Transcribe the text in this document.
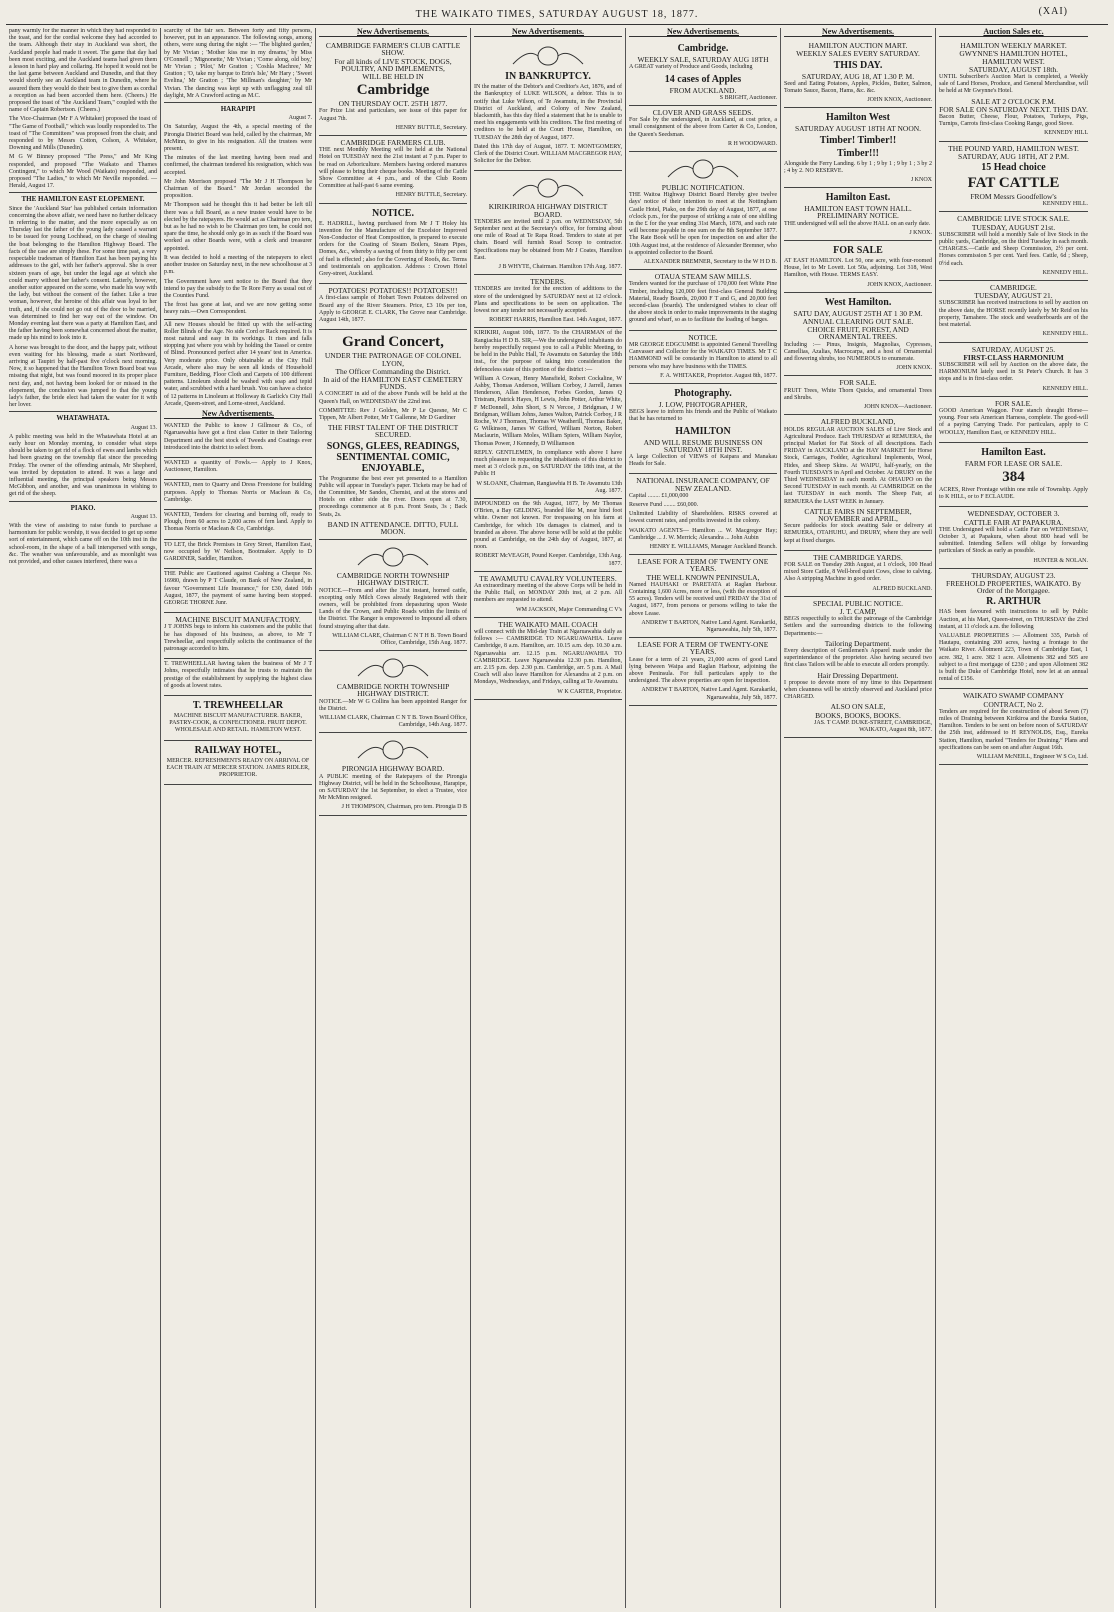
THE WAIKATO TIMES, SATURDAY AUGUST 18, 1877.	(XAI)

pany warmly for the manner in which they had responded to the toast, and for the cordial welcome they had accorded to the team. Although their stay in Auckland was short, the Auckland people had made it sweet. The game that day had been most exciting, and the Auckland teams had given them a lesson in hard play and collaring. He hoped it would not be the last game between Auckland and Dunedin, and that they would shortly see an Auckland team in Dunedin, where he assured them they would do their best to give them as cordial a reception as had been accorded them here. (Cheers.) He proposed the toast of "the Auckland Team," coupled with the name of Captain Robertson. (Cheers.)

The Vice-Chairman (Mr F A Whitaker) proposed the toast of "The Game of Football," which was loudly responded to. The toast of "The Committees" was proposed from the chair, and responded to by Messrs Cotton, Colson, A Whitaker, Downing and Mills (Dunedin).

M G W Binney proposed "The Press," and Mr King responded, and proposed "The Waikato and Thames Contingent," to which Mr Wood (Waikato) responded, and proposed "The Ladies," to which Mr Neville responded. — Herald, August 17.

THE HAMILTON EAST ELOPEMENT.

Since the 'Auckland Star' has published certain information concerning the above affair, we need have no further delicacy in referring to the matter, and the more especially as on Thursday last the father of the young lady caused a warrant to be issued for young Lochhead, on the charge of stealing the boat belonging to the Hamilton Highway Board. The facts of the case are simply these. For some time past, a very respectable tradesman of Hamilton East has been paying his addresses to the girl, with her father's approval. She is over sixteen years of age, but under the legal age at which she could marry without her father's consent. Latterly, however, another suitor appeared on the scene, who made his way with the lady, but without the consent of the father. Like a true woman, however, the heroine of this affair was loyal to her truth, and, if she could not go out of the door to be married, was determined to find her way out of the window. On Monday evening last there was a party at Hamilton East, and the father having been somewhat concerned about the matter, made up his mind to look into it.

A horse was brought to the door, and the happy pair, without even waiting for his blessing, made a start Northward, arriving at Taupiri by half-past five o'clock next morning. Now, it so happened that the Hamilton Town Board boat was missing that night, but was found moored in its proper place next day, and, not having been looked for or missed in the elopement, the conclusion was jumped to that the young lady's father, the bride elect had taken the water for it with her lover.

WHATAWHATA.

August 13.

A public meeting was held in the Whatawhata Hotel at an early hour on Monday morning, to consider what steps should be taken to get rid of a flock of ewes and lambs which had been grazing on the township flat since the preceding Friday. The owner of the offending animals, Mr Shepherd, was invited by deputation to attend. It was a large and influential meeting, the principal speakers being Messrs McGibbon, and another, and was unanimous in wishing to get rid of the sheep.

PIAKO.

August 13.

With the view of assisting to raise funds to purchase a harmonium for public worship, it was decided to get up some sort of entertainment, which came off on the 10th inst in the school-room, in the shape of a ball interspersed with songs, &c. The weather was unfavourable, and as moonlight was not provided, and other causes interfered, there was a

scarcity of the fair sex. Between forty and fifty persons, however, put in an appearance. The following songs, among others, were sung during the night :— 'The blighted garden,' by Mr Vivian ; 'Mother kiss me in my dreams,' by Miss O'Connell ; 'Mignonette,' Mr Vivian ; 'Come along, old boy,' Mr Vivian ; 'Pilot,' Mr Gratton ; 'Coshla Machree,' Mr Gratton ; 'O, take my barque to Erin's Isle,' Mr Hary ; 'Sweet Evelina,' Mr Gratton ; 'The Millman's daughter,' by Mr Vivian. The dancing was kept up with unflagging zeal till daylight, Mr A Crawford acting as M.C.

HARAPIPI

August 7.

On Saturday, August the 4th, a special meeting of the Pirongia District Board was held, called by the chairman, Mr McMinn, to give in his resignation. All the trustees were present.

The minutes of the last meeting having been read and confirmed, the chairman tendered his resignation, which was accepted.

Mr John Morrison proposed "The Mr J H Thompson be Chairman of the Board." Mr Jordan seconded the proposition.

Mr Thompson said he thought this it had better be left till there was a full Board, as a new trustee would have to be elected by the ratepayers. He would act as Chairman pro tem, but as he had no wish to be Chairman pro tem, he could not spare the time, he should only go in as such if the Board was worked as other Boards were, with a clerk and treasurer appointed.

It was decided to hold a meeting of the ratepayers to elect another trustee on Saturday next, in the new schoolhouse at 3 p.m.

The Government have sent notice to the Board that they intend to pay the subsidy to the Te Rore Ferry as usual out of the Counties Fund.

The frost has gone at last, and we are now getting some heavy rain.—Own Correspondent.

All new Houses should be fitted up with the self-acting Roller Blinds of the Age. No side Cord or Rack required. It is most natural and easy in its workings. It rises and falls stopping just where you wish by holding the Tassel or centre of Blind. Pronounced perfect after 14 years' test in America. Very moderate price. Only obtainable at the City Hall Arcade, where also may be seen all kinds of Household Furniture, Bedding, Floor Cloth and Carpets of 100 different patterns. Linoleum should be washed with soap and tepid water, and scrubbed with a hard brush. You can have a choice of 12 patterns in Linoleum at Holloway & Garlick's City Hall Arcade, Queen-street, and Lorne-street, Auckland.

New Advertisements.

WANTED the Public to know J Gillmour & Co., of Ngaruawahia have got a first class Cutter in their Tailoring Department and the best stock of Tweeds and Coatings ever introduced into the district to select from.

WANTED a quantity of Fowls.— Apply to J Knox, Auctioneer, Hamilton.

WANTED, men to Quarry and Dress Freestone for building purposes. Apply to Thomas Norris or Maclean & Co, Cambridge.

WANTED, Tenders for clearing and burning off, ready to Plough, from 60 acres to 2,000 acres of fern land. Apply to Thomas Norris or Maclean & Co, Cambridge.

TO LET, the Brick Premises in Grey Street, Hamilton East, now occupied by W Neilson, Bootmaker. Apply to D GARDINER, Saddler, Hamilton.

THE Public are Cautioned against Cashing a Cheque No. 16980, drawn by P T Claude, on Bank of New Zealand, in favour "Government Life Insurance," for £30, dated 16th August, 1877, the payment of same having been stopped. GEORGE THORNE Junr.

MACHINE BISCUIT MANUFACTORY.

J T JOHNS begs to inform his customers and the public that he has disposed of his business, as above, to Mr T Trewheellar, and respectfully solicits the continuance of the patronage accorded to him.

T. TREWHEELLAR having taken the business of Mr J T Johns, respectfully intimates that he trusts to maintain the prestige of the establishment by supplying the highest class of goods at lowest rates.

T. TREWHEELLAR

MACHINE BISCUIT MANUFACTURER. BAKER, PASTRY-COOK, & CONFECTIONER. FRUIT DEPOT. WHOLESALE AND RETAIL. HAMILTON WEST.

RAILWAY HOTEL,

MERCER. REFRESHMENTS READY ON ARRIVAL OF EACH TRAIN AT MERCER STATION. JAMES RIDLER, PROPRIETOR.

New Advertisements.
CAMBRIDGE FARMER'S CLUB CATTLE SHOW.
For all kinds of LIVE STOCK, DOGS, POULTRY, AND IMPLEMENTS,
WILL BE HELD IN
Cambridge
ON THURSDAY OCT. 25TH 1877.

For Prize List and particulars, see issue of this paper for August 7th.

HENRY BUTTLE, Secretary.
CAMBRIDGE FARMERS CLUB.

THE next Monthly Meeting will be held at the National Hotel on TUESDAY next the 21st instant at 7 p.m. Paper to be read on Arboriculture. Members having ordered manures will please to bring their cheque books. Meeting of the Cattle Show Committee at 4 p.m., and of the Club Room Committee at half-past 6 same evening.

HENRY BUTTLE, Secretary.
NOTICE.

E. HADRILL, having purchased from Mr J T Holey his invention for the Manufacture of the Excelsior Improved Non-Conductor of Heat Composition, is prepared to execute orders for the Coating of Steam Boilers, Steam Pipes, Domes, &c., whereby a saving of from thirty to fifty per cent of fuel is effected ; also for the Covering of Roofs, &c. Terms and testimonials on application. Address : Crown Hotel Grey-street, Auckland.

POTATOES! POTATOES!! POTATOES!!!

A first-class sample of Hobart Town Potatoes delivered on Board any of the River Steamers. Price, £3 10s per ton, Apply to GEORGE E. CLARK, The Grove near Cambridge. August 14th, 1877.

Grand Concert,
UNDER THE PATRONAGE OF COLONEL LYON,
The Officer Commanding the District.
In aid of the HAMILTON EAST CEMETERY FUNDS.

A CONCERT in aid of the above Funds will be held at the Queen's Hall, on WEDNESDAY the 22nd inst.

COMMITTEE: Rev J Golden, Mr P Le Quesne, Mr C Tippen, Mr Albert Potter, Mr T Gallenne, Mr D Gardiner

THE FIRST TALENT OF THE DISTRICT SECURED.
SONGS, GLEES, READINGS, SENTIMENTAL COMIC, ENJOYABLE,

The Programme the best ever yet presented to a Hamilton Public will appear in Tuesday's paper. Tickets may be had of the Committee, Mr Sandes, Chemist, and at the stores and Hotels on either side the river. Doors open at 7.30, proceedings commence at 8 p.m. Front Seats, 3s ; Back Seats, 2s.

BAND IN ATTENDANCE. DITTO, FULL MOON.
CAMBRIDGE NORTH TOWNSHIP HIGHWAY DISTRICT.

NOTICE.—From and after the 31st instant, horned cattle, excepting only Milch Cows already Registered with their owners, will be prohibited from depasturing upon Waste Lands of the Crown, and Public Roads within the limits of the District. The Ranger is empowered to Impound all others found straying after that date.

WILLIAM CLARE, Chairman C N T H B. Town Board Office, Cambridge, 15th Aug. 1877.
CAMBRIDGE NORTH TOWNSHIP HIGHWAY DISTRICT.

NOTICE.—Mr W G Collins has been appointed Ranger for the District.

WILLIAM CLARK, Chairman C N T B. Town Board Office, Cambridge, 14th Aug. 1877.
PIRONGIA HIGHWAY BOARD.

A PUBLIC meeting of the Ratepayers of the Pirongia Highway District, will be held in the Schoolhouse, Harapipe, on SATURDAY the 1st September, to elect a Trustee, vice Mr McMinn resigned.

J H THOMPSON, Chairman, pro tem. Pirongia D B
New Advertisements.
IN BANKRUPTCY.

IN the matter of the Debtor's and Creditor's Act, 1876, and of the Bankruptcy of LUKE WILSON, a debtor. This is to notify that Luke Wilson, of Te Awamutu, in the Provincial District of Auckland, and Colony of New Zealand, blacksmith, has this day filed a statement that he is unable to meet his engagements with his creditors. The first meeting of creditors to be held at the Court House, Hamilton, on TUESDAY the 28th day of August, 1877.

Dated this 17th day of August, 1877. T. MONTGOMERY, Clerk of the District Court. WILLIAM MACGREGOR HAY, Solicitor for the Debtor.

KIRIKIRIROA HIGHWAY DISTRICT BOARD.

TENDERS are invited until 2 p.m. on WEDNESDAY, 5th September next at the Secretary's office, for forming about one mile of Road at Te Rapa Road. Tenders to state at per chain. Board will furnish Road Scoop to contractor. Specifications may be obtained from Mr J Coates, Hamilton East.

J B WHYTE, Chairman. Hamilton 17th Aug. 1877.
TENDERS.

TENDERS are invited for the erection of additions to the store of the undersigned by SATURDAY next at 12 o'clock. Plans and specifications to be seen on application. The lowest nor any tender not necessarily accepted.

ROBERT HARRIS, Hamilton East. 14th August, 1877.

KIRIKIRI, August 10th, 1877. To the CHAIRMAN of the Rangiachia H D B. SIR,—We the undersigned inhabitants do hereby respectfully request you to call a Public Meeting, to be held in the Public Hall, Te Awamutu on Saturday the 18th inst., for the purpose of taking into consideration the defenceless state of this portion of the district :—

William A Cowan, Henry Mansfield, Robert Cockaline, W Ashby, Thomas Anderson, William Corboy, J Jarrell, James Henderson, Allan Henderson, Forbes Gordon, James Q Tristram, Patrick Hayes, H Lewis, John Potter, Arthur White, F McDonnell, John Short, S N Vercoe, J Bridgman, J W Bridgman, William Johns, James Walton, Patrick Corboy, J R Roche, W J Thomson, Thomas W Weatherill, Thomas Baker, G Wilkinson, James W Gifford, William Norton, Robert Maclaurin, William Moles, William Spiers, William Naylor, Thomas Power, J Kennedy, D Williamson

REPLY. GENTLEMEN, In compliance with above I have much pleasure in requesting the inhabitants of this district to meet at 3 o'clock p.m., on SATURDAY the 18th inst, at the Public H

W SLOANE, Chairman, Rangiawhia H B. Te Awamutu 13th Aug. 1877.

IMPOUNDED on the 9th August, 1877, by Mr Thomas O'Brien, a Bay GELDING, branded like M, near hind foot white. Owner not known. For trespassing on his farm at Cambridge, for which 10s damages is claimed, and is branded as above. The above horse will be sold at the public pound at Cambridge, on the 24th day of August, 1877, at noon.

ROBERT McVEAGH, Pound Keeper. Cambridge, 13th Aug. 1877.
TE AWAMUTU CAVALRY VOLUNTEERS.

An extraordinary meeting of the above Corps will be held in the Public Hall, on MONDAY 20th inst, at 2 p.m. All members are requested to attend.

WM JACKSON, Major Commanding C V's
THE WAIKATO MAIL COACH

will connect with the Mid-day Train at Ngaruawahia daily as follows :— CAMBRIDGE TO NGARUAWAHIA. Leave Cambridge, 8 a.m. Hamilton, arr. 10.15 a.m. dep. 10.30 a.m. Ngaruawahia arr. 12.15 p.m. NGARUAWAHIA TO CAMBRIDGE. Leave Ngaruawahia 12.30 p.m. Hamilton, arr. 2.15 p.m. dep. 2.30 p.m. Cambridge, arr. 5 p.m. A Mail Coach will also leave Hamilton for Alexandra at 2 p.m. on Mondays, Wednesdays, and Fridays, calling at Te Awamutu.

W K CARTER, Proprietor.
New Advertisements.
Cambridge.
WEEKLY SALE, SATURDAY AUG 18TH

A GREAT variety of Produce and Goods, including

14 cases of Apples
FROM AUCKLAND.
S BRIGHT, Auctioneer.
CLOVER AND GRASS SEEDS.

For Sale by the undersigned, in Auckland, at cost price, a small consignment of the above from Carter & Co, London, the Queen's Seedsman.

R H WOODWARD.
PUBLIC NOTIFICATION.

THE Waitoa Highway District Board Hereby give twelve days' notice of their intention to meet at the Nottingham Castle Hotel, Piako, on the 29th day of August, 1877, at one o'clock p.m., for the purpose of striking a rate of one shilling in the £ for the year ending 31st March, 1878, and such rate will become payable in one sum on the 8th September 1877. The Rate Book will be open for inspection on and after the 10th August inst, at the residence of Alexander Bremner, who is appointed collector to the Board.

ALEXANDER BREMNER, Secretary to the W H D B.
OTAUA STEAM SAW MILLS.

Tenders wanted for the purchase of 170,000 feet White Pine Timber, including 120,000 feet first-class General Building Material, Ready Boards, 20,000 F T and G, and 20,000 feet second-class (boards). The undersigned wishes to clear off the above stock in order to make improvements in the staging ground and wharf, so as to facilitate the loading of barges.

NOTICE.

MR GEORGE EDGCUMBE is appointed General Travelling Canvasser and Collector for the WAIKATO TIMES. Mr T C HAMMOND will be constantly in Hamilton to attend to all persons who may have business with the TIMES.

F. A. WHITAKER, Proprietor. August 8th, 1877.
Photography.
J. LOW, PHOTOGRAPHER,

BEGS leave to inform his friends and the Public of Waikato that he has returned to

HAMILTON
AND WILL RESUME BUSINESS ON SATURDAY 18TH INST.

A large Collection of VIEWS of Kaipara and Manakau Heads for Sale.

NATIONAL INSURANCE COMPANY, OF NEW ZEALAND.

Capital ........ £1,000,000

Reserve Fund ........ £60,000.

Unlimited Liability of Shareholders. RISKS covered at lowest current rates, and profits invested in the colony.

WAIKATO AGENTS— Hamilton ... W. Macgregor Hay; Cambridge ... J. W. Merrick; Alexandra ... John Aubin

HENRY E. WILLIAMS, Manager Auckland Branch.
LEASE FOR A TERM OF TWENTY ONE YEARS.
THE WELL KNOWN PENINSULA,

Named HAUHAKI or PARETATA at Raglan Harbour. Containing 1,600 Acres, more or less, (with the exception of 55 acres). Tenders will be received until FRIDAY the 31st of August, 1877, from persons or persons willing to take the above Lease.

ANDREW T BARTON, Native Land Agent. Karakariki, Ngaruawahia, July 5th, 1877.
LEASE FOR A TERM OF TWENTY-ONE YEARS.

Lease for a term of 21 years, 21,000 acres of good Land lying between Waipa and Raglan Harbour, adjoining the above Peninsula. For full particulars apply to the undersigned. The above properties are open for inspection.

ANDREW T BARTON, Native Land Agent. Karakariki, Ngaruawahia, July 5th, 1877.
New Advertisements.
HAMILTON AUCTION MART.
WEEKLY SALES EVERY SATURDAY.
THIS DAY.
SATURDAY, AUG 18, AT 1.30 P. M.

Seed and Eating Potatoes, Apples, Pickles, Butter, Salmon, Tomato Sauce, Bacon, Hams, &c. &c.

JOHN KNOX, Auctioneer.
Hamilton West
SATURDAY AUGUST 18TH AT NOON.
Timber! Timber!!
Timber!!!

Alongside the Ferry Landing. 6 by 1 ; 9 by 1 ; 9 by 1 ; 3 by 2 ; 4 by 2. NO RESERVE.

J KNOX
Hamilton East.
HAMILTON EAST TOWN HALL. PRELIMINARY NOTICE.

THE undersigned will sell the above HALL on an early date.

J KNOX.
FOR SALE

AT EAST HAMILTON. Lot 50, one acre, with four-roomed House, let to Mr Lovett. Lot 50a, adjoining. Lot 318, West Hamilton, with House. TERMS EASY.

JOHN KNOX, Auctioneer.
West Hamilton.
SATU DAY, AUGUST 25TH AT 1 30 P.M.
ANNUAL CLEARING OUT SALE.
CHOICE FRUIT, FOREST, AND ORNAMENTAL TREES.

Including :— Pinus, Insignis, Magnolias, Cypresses, Camellias, Azalias, Macrocarpa, and a host of Ornamental and flowering shrubs, too NUMEROUS to enumerate.

JOHN KNOX.
FOR SALE.

FRUIT Trees, White Thorn Quicks, and ornamental Trees and Shrubs.

JOHN KNOX—Auctioneer.
ALFRED BUCKLAND,

HOLDS REGULAR AUCTION SALES of Live Stock and Agricultural Produce. Each THURSDAY at REMUERA, the principal Market for Fat Stock of all descriptions. Each FRIDAY in AUCKLAND at the HAY MARKET for Horse Stock, Carriages, Fodder, Agricultural Implements, Wool, Hides, and Sheep Skins. At WAIPU, half-yearly, on the Fourth TUESDAYS in April and October. At DRURY on the Third WEDNESDAY in each month. At OHAUPO on the Second TUESDAY in each month. At CAMBRIDGE on the last TUESDAY in each month. The Sheep Fair, at REMUERA the LAST WEEK in January.

CATTLE FAIRS IN SEPTEMBER, NOVEMBER and APRIL,

Secure paddocks for stock awaiting Sale or delivery at REMUERA, OTAHUHU, and DRURY, where they are well kept at fixed charges.

THE CAMBRIDGE YARDS.

FOR SALE on Tuesday 28th August, at 1 o'clock, 100 Head mixed Store Cattle, 8 Well-bred quiet Cows, close to calving. Also A stripping Machine in good order.

ALFRED BUCKLAND.
SPECIAL PUBLIC NOTICE.
J. T. CAMP,

BEGS respectfully to solicit the patronage of the Cambridge Settlers and the surrounding districts to the following Departments:—

Tailoring Department.

Every description of Gentlemen's Apparel made under the superintendance of the proprietor. Also having secured two first class Tailors will be able to execute all orders promptly.

Hair Dressing Department.

I propose to devote more of my time to this Department when cleanness will be strictly observed and Auckland price CHARGED.

ALSO ON SALE,
BOOKS, BOOKS, BOOKS.
JAS. T CAMP. DUKE-STREET, CAMBRIDGE, WAIKATO, August 8th, 1877.
Auction Sales etc.
HAMILTON WEEKLY MARKET.
GWYNNE'S HAMILTON HOTEL, HAMILTON WEST.
SATURDAY, AUGUST 18th.

UNTIL Subscriber's Auction Mart is completed, a Weekly sale of Land Horses, Produce, and General Merchandise, will be held at Mr Gwynne's Hotel.

SALE AT 2 O'CLOCK P.M.
FOR SALE ON SATURDAY NEXT. THIS DAY.

Bacon Butter, Cheese, Flour, Potatoes, Turkeys, Pigs, Turnips, Carrots first-class Cooking Range, good Stove.

KENNEDY HILL
THE POUND YARD, HAMILTON WEST.
SATURDAY, AUG 18TH, AT 2 P.M.
15 Head choice
FAT CATTLE
FROM Messrs Goodfellow's
KENNEDY HILL.
CAMBRIDGE LIVE STOCK SALE.
TUESDAY, AUGUST 21st.

SUBSCRIBER will hold a monthly Sale of live Stock in the public yards, Cambridge, on the third Tuesday in each month. CHARGES.—Cattle and Sheep Commission, 2½ per cent. Horses commission 5 per cent. Yard fees. Cattle, 6d ; Sheep, 0½d each.

KENNEDY HILL.
CAMBRIDGE.
TUESDAY, AUGUST 21.

SUBSCRIBER has received instructions to sell by auction on the above date, the HORSE recently lately by Mr Reid on his property, Tamahere. The stock and weatherboards are of the best material.

KENNEDY HILL.
SATURDAY, AUGUST 25.
FIRST-CLASS HARMONIUM

SUBSCRIBER will sell by Auction on the above date, the HARMONIUM lately used in St Peter's Church. It has 3 stops and is in first-class order.

KENNEDY HILL.
FOR SALE.

GOOD American Waggon. Four stanch draught Horse—young. Four sets American Harness, complete. The good-will of a paying Carrying Trade. For particulars, apply to C WOOLLY, Hamilton East, or KENNEDY HILL.

Hamilton East.
FARM FOR LEASE OR SALE.
384

ACRES, River Frontage within one mile of Township. Apply to K HILL, or to F ECLAUDE.

WEDNESDAY, OCTOBER 3.
CATTLE FAIR AT PAPAKURA.

THE Undersigned will hold a Cattle Fair on WEDNESDAY, October 3, at Papakura, when about 800 head will be submitted. Intending Sellers will oblige by forwarding particulars of Stock as early as possible.

HUNTER & NOLAN.
THURSDAY, AUGUST 23.
FREEHOLD PROPERTIES, WAIKATO. By Order of the Mortgagee.
R. ARTHUR

HAS been favoured with instructions to sell by Public Auction, at his Mart, Queen-street, on THURSDAY the 23rd instant, at 11 o'clock a.m. the following

VALUABLE PROPERTIES :— Allotment 335, Parish of Hautapu, containing 200 acres, having a frontage to the Waikato River. Allotment 223, Town of Cambridge East, 1 acre. 382, 1 acre. 382 1 acre. Allotments 382 and 505 are subject to a first mortgage of £230 ; and upon Allotment 382 is built the Duke of Cambridge Hotel, now let at an annual rental of £156.

WAIKATO SWAMP COMPANY
CONTRACT, No 2.

Tenders are required for the construction of about Seven (7) miles of Draining between Kirikiroa and the Eureka Station, Hamilton. Tenders to be sent on before noon of SATURDAY the 25th inst, addressed to H REYNOLDS, Esq., Eureka Station, Hamilton, marked "Tenders for Draining." Plans and specifications can be seen on and after August 16th.

WILLIAM McNEILL, Engineer W S Co, Ltd.
